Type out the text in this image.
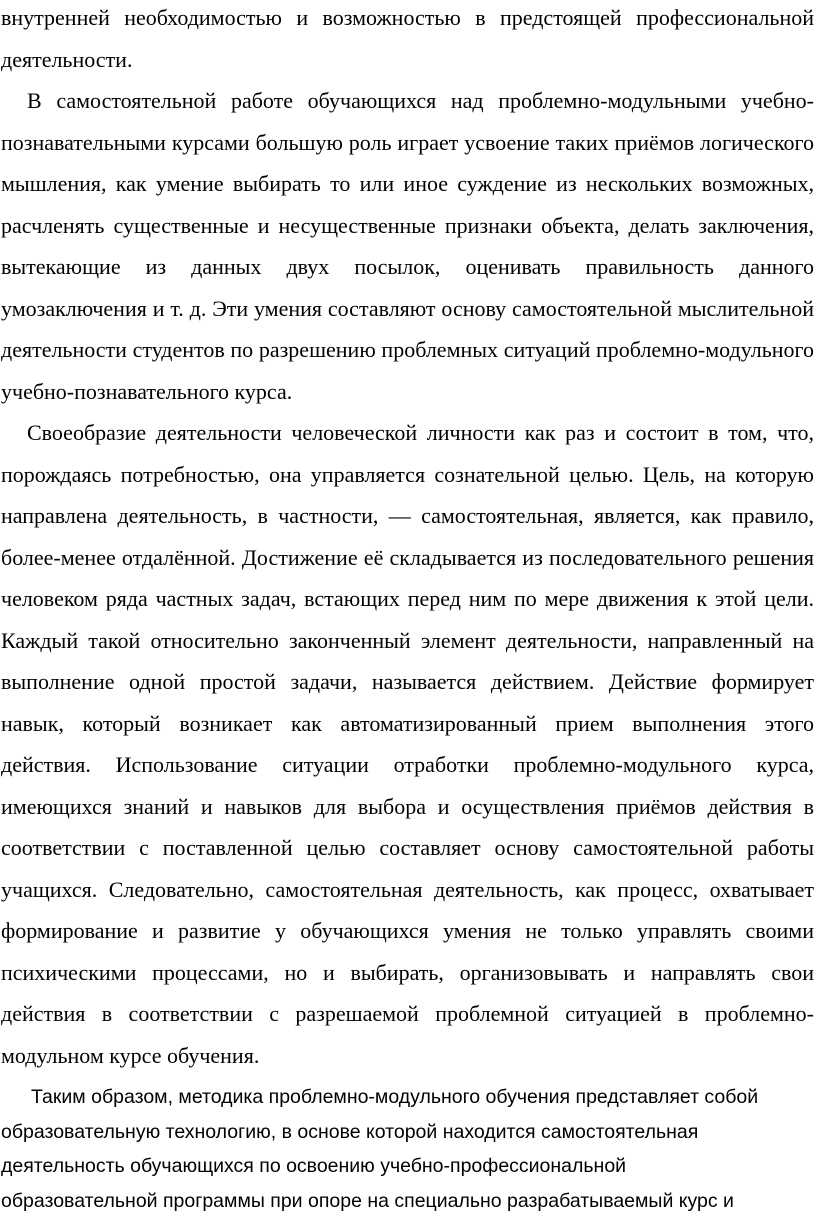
внутренней необходимостью и возможностью в предстоящей профессиональной деятельности.

В самостоятельной работе обучающихся над проблемно-модульными учебно-познавательными курсами большую роль играет усвоение таких приёмов логического мышления, как умение выбирать то или иное суждение из нескольких возможных, расчленять существенные и несущественные признаки объекта, делать заключения, вытекающие из данных двух посылок, оценивать правильность данного умозаключения и т. д. Эти умения составляют основу самостоятельной мыслительной деятельности студентов по разрешению проблемных ситуаций проблемно-модульного учебно-познавательного курса.

Своеобразие деятельности человеческой личности как раз и состоит в том, что, порождаясь потребностью, она управляется сознательной целью. Цель, на которую направлена деятельность, в частности, — самостоятельная, является, как правило, более-менее отдалённой. Достижение её складывается из последовательного решения человеком ряда частных задач, встающих перед ним по мере движения к этой цели. Каждый такой относительно законченный элемент деятельности, направленный на выполнение одной простой задачи, называется действием. Действие формирует навык, который возникает как автоматизированный прием выполнения этого действия. Использование ситуации отработки проблемно-модульного курса, имеющихся знаний и навыков для выбора и осуществления приёмов действия в соответствии с поставленной целью составляет основу самостоятельной работы учащихся. Следовательно, самостоятельная деятельность, как процесс, охватывает формирование и развитие у обучающихся умения не только управлять своими психическими процессами, но и выбирать, организовывать и направлять свои действия в соответствии с разрешаемой проблемной ситуацией в проблемно-модульном курсе обучения.

Таким образом, методика проблемно-модульного обучения представляет собой

образовательную технологию, в основе которой находится самостоятельная

деятельность обучающихся по освоению учебно-профессиональной

образовательной программы при опоре на специально разрабатываемый курс и
